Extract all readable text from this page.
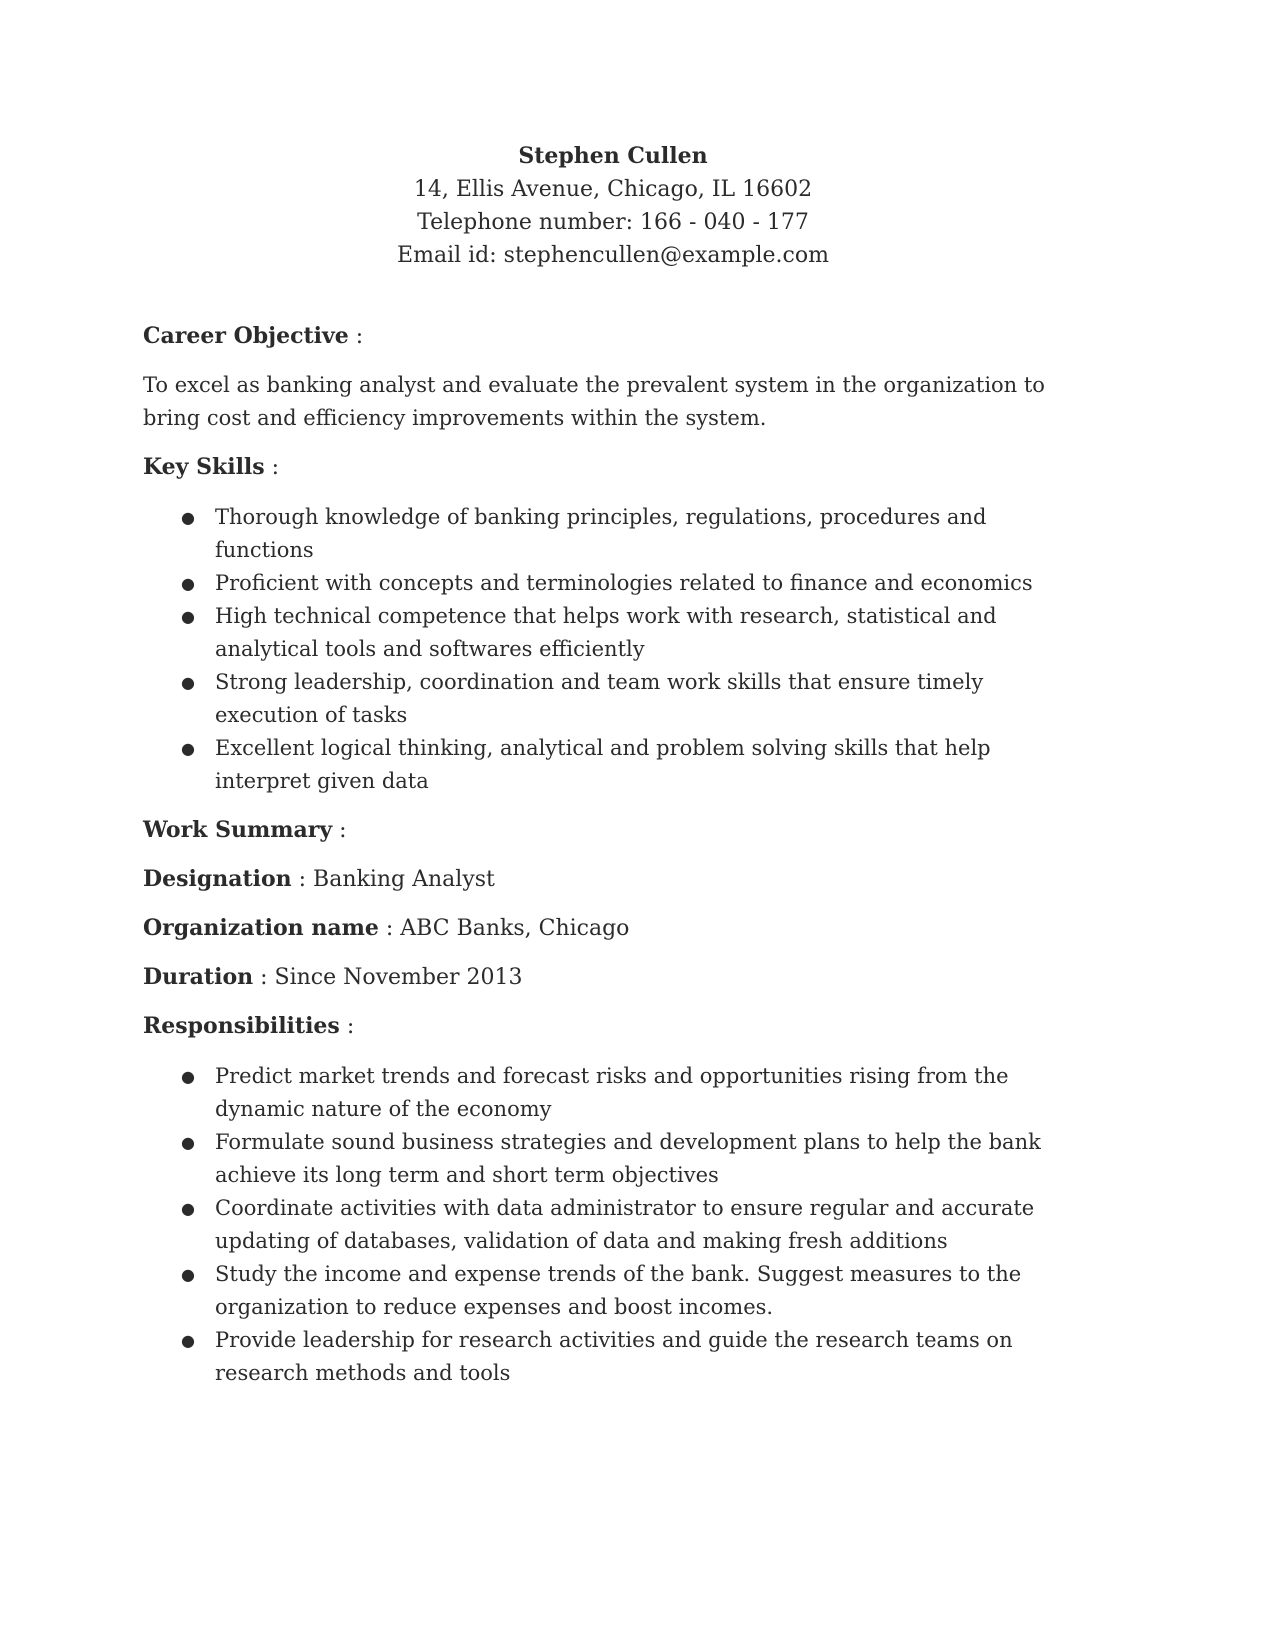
Stephen Cullen
14, Ellis Avenue, Chicago, IL 16602
Telephone number: 166 - 040 - 177
Email id: stephencullen@example.com

Career Objective :

To excel as banking analyst and evaluate the prevalent system in the organization to bring cost and efficiency improvements within the system.

Key Skills :

● Thorough knowledge of banking principles, regulations, procedures and functions
● Proficient with concepts and terminologies related to finance and economics
● High technical competence that helps work with research, statistical and analytical tools and softwares efficiently
● Strong leadership, coordination and team work skills that ensure timely execution of tasks
● Excellent logical thinking, analytical and problem solving skills that help interpret given data

Work Summary :

Designation : Banking Analyst

Organization name : ABC Banks, Chicago

Duration : Since November 2013

Responsibilities :

● Predict market trends and forecast risks and opportunities rising from the dynamic nature of the economy
● Formulate sound business strategies and development plans to help the bank achieve its long term and short term objectives
● Coordinate activities with data administrator to ensure regular and accurate updating of databases, validation of data and making fresh additions
● Study the income and expense trends of the bank. Suggest measures to the organization to reduce expenses and boost incomes.
● Provide leadership for research activities and guide the research teams on research methods and tools
